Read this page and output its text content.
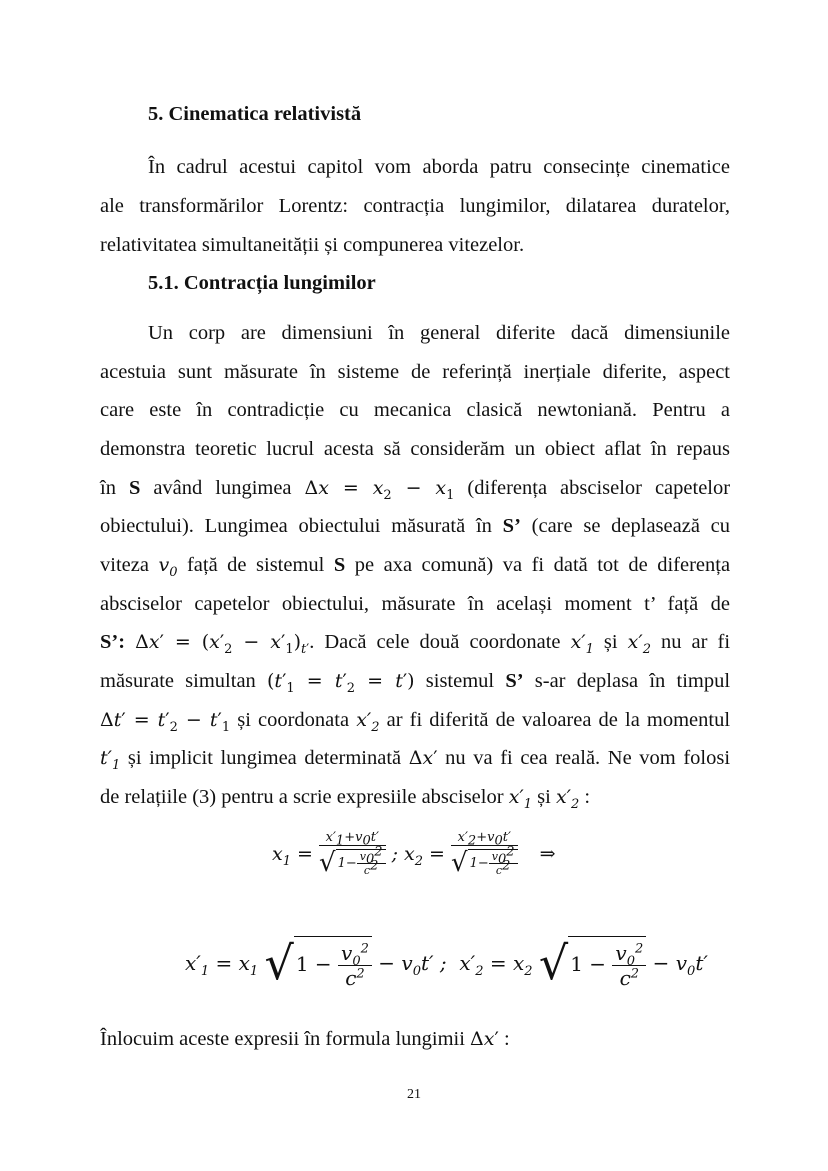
5. Cinematica relativistă
În cadrul acestui capitol vom aborda patru consecințe cinematice
ale transformărilor Lorentz: contracția lungimilor, dilatarea duratelor,
relativitatea simultaneității și compunerea vitezelor.
5.1. Contracția lungimilor
Un corp are dimensiuni în general diferite dacă dimensiunile
acestuia sunt măsurate în sisteme de referință inerțiale diferite, aspect
care este în contradicție cu mecanica clasică newtoniană. Pentru a
demonstra teoretic lucrul acesta să considerăm un obiect aflat în repaus
în S având lungimea $\Delta x = x_2 - x_1$ (diferența absciselor capetelor
obiectului). Lungimea obiectului măsurată în S’ (care se deplasează cu
viteza $v_0$ față de sistemul S pe axa comună) va fi dată tot de diferența
absciselor capetelor obiectului, măsurate în același moment t’ față de
S’: $\Delta x' = (x'_2 - x'_1)_{t'}$. Dacă cele două coordonate $x'_1$ și $x'_2$ nu ar fi
măsurate simultan $(t'_1 = t'_2 = t')$ sistemul S’ s-ar deplasa în timpul
$\Delta t' = t'_2 - t'_1$ și coordonata $x'_2$ ar fi diferită de valoarea de la momentul
$t'_1$ și implicit lungimea determinată Δx′ nu va fi cea reală. Ne vom folosi
de relațiile (3) pentru a scrie expresiile absciselor $x'_1$ și $x'_2$ :
$x_1 = \frac{x'_1+v_0t'}{√ 1- \frac{v_0^2}{c^2}}$ ; $x_2 = \frac{x'_2+v_0t'}{√ 1- \frac{v_0^2}{c^2}}$ ⇒
$x'_1 = x_1$ √ $1 - \frac{v_0^2}{c^2} - v_0t'$ ;  $x'_2 = x_2$ √ $1 - \frac{v_0^2}{c^2} - v_0t'$
Înlocuim aceste expresii în formula lungimii Δx′ :
21
